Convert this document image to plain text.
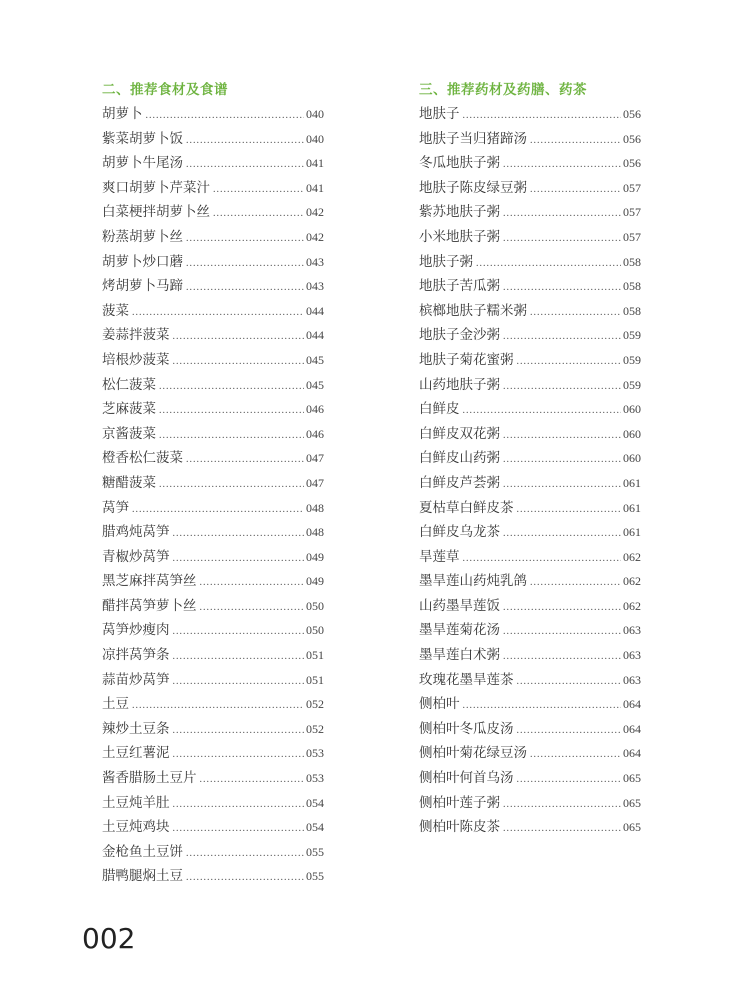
二、推荐食材及食谱
胡萝卜 .....	040
紫菜胡萝卜饭 .....	040
胡萝卜牛尾汤 .....	041
爽口胡萝卜芹菜汁 .....	041
白菜梗拌胡萝卜丝 .....	042
粉蒸胡萝卜丝 .....	042
胡萝卜炒口蘑 .....	043
烤胡萝卜马蹄 .....	043
菠菜 .....	044
姜蒜拌菠菜 .....	044
培根炒菠菜 .....	045
松仁菠菜 .....	045
芝麻菠菜 .....	046
京酱菠菜 .....	046
橙香松仁菠菜 .....	047
糖醋菠菜 .....	047
莴笋 .....	048
腊鸡炖莴笋 .....	048
青椒炒莴笋 .....	049
黑芝麻拌莴笋丝 .....	049
醋拌莴笋萝卜丝 .....	050
莴笋炒瘦肉 .....	050
凉拌莴笋条 .....	051
蒜苗炒莴笋 .....	051
土豆 .....	052
辣炒土豆条 .....	052
土豆红薯泥 .....	053
酱香腊肠土豆片 .....	053
土豆炖羊肚 .....	054
土豆炖鸡块 .....	054
金枪鱼土豆饼 .....	055
腊鸭腿焖土豆 .....	055
三、推荐药材及药膳、药茶
地肤子 .....	056
地肤子当归猪蹄汤 .....	056
冬瓜地肤子粥 .....	056
地肤子陈皮绿豆粥 .....	057
紫苏地肤子粥 .....	057
小米地肤子粥 .....	057
地肤子粥 .....	058
地肤子苦瓜粥 .....	058
槟榔地肤子糯米粥 .....	058
地肤子金沙粥 .....	059
地肤子菊花蜜粥 .....	059
山药地肤子粥 .....	059
白鲜皮 .....	060
白鲜皮双花粥 .....	060
白鲜皮山药粥 .....	060
白鲜皮芦荟粥 .....	061
夏枯草白鲜皮茶 .....	061
白鲜皮乌龙茶 .....	061
旱莲草 .....	062
墨旱莲山药炖乳鸽 .....	062
山药墨旱莲饭 .....	062
墨旱莲菊花汤 .....	063
墨旱莲白术粥 .....	063
玫瑰花墨旱莲茶 .....	063
侧柏叶 .....	064
侧柏叶冬瓜皮汤 .....	064
侧柏叶菊花绿豆汤 .....	064
侧柏叶何首乌汤 .....	065
侧柏叶莲子粥 .....	065
侧柏叶陈皮茶 .....	065
002
